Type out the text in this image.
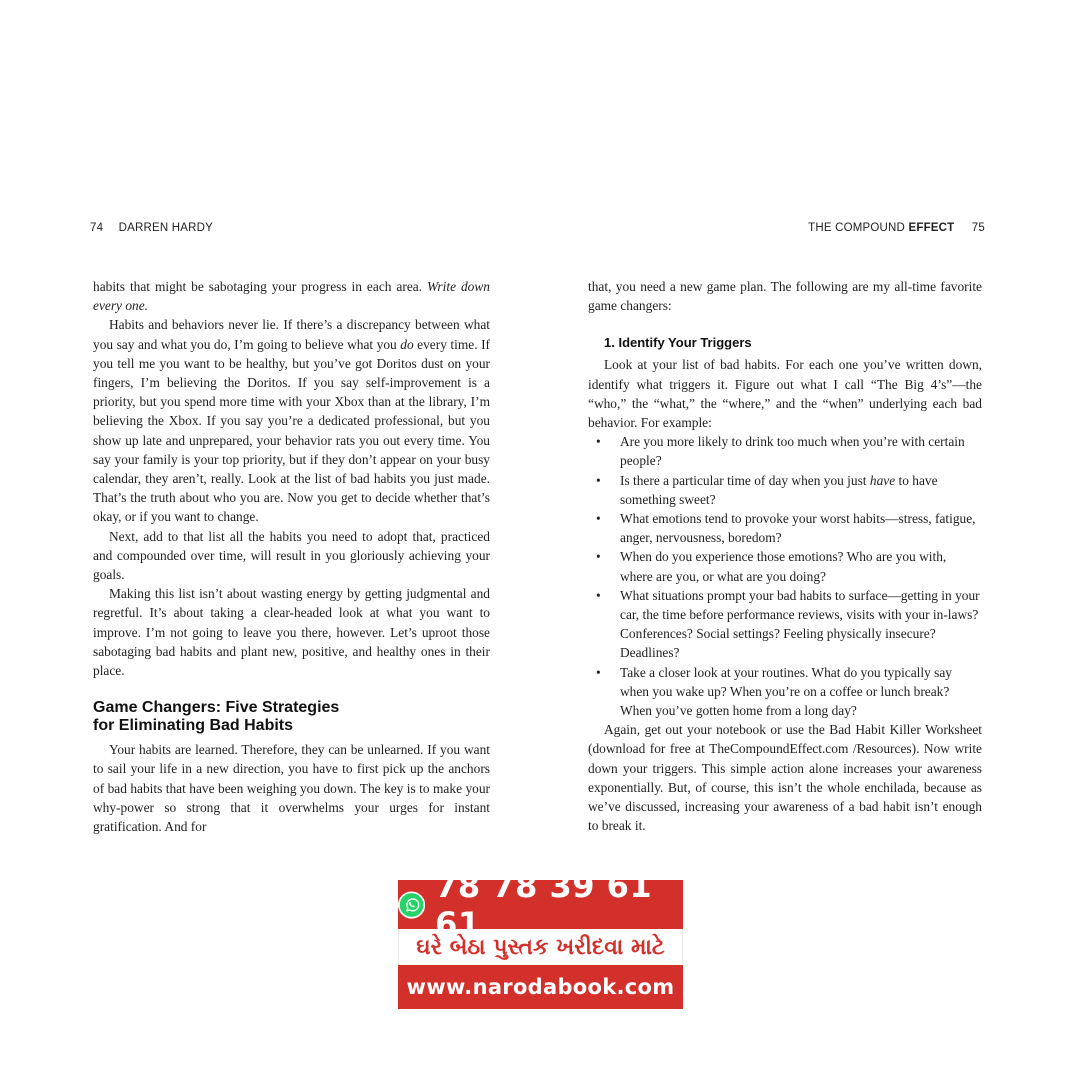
74 DARREN HARDY	THE COMPOUND EFFECT 75

habits that might be sabotaging your progress in each area. Write down every one.

Habits and behaviors never lie. If there’s a discrepancy between what you say and what you do, I’m going to believe what you do every time. If you tell me you want to be healthy, but you’ve got Doritos dust on your fingers, I’m believing the Doritos. If you say self-improvement is a priority, but you spend more time with your Xbox than at the library, I’m believing the Xbox. If you say you’re a dedicated professional, but you show up late and unprepared, your behavior rats you out every time. You say your family is your top priority, but if they don’t appear on your busy calendar, they aren’t, really. Look at the list of bad habits you just made. That’s the truth about who you are. Now you get to decide whether that’s okay, or if you want to change.

Next, add to that list all the habits you need to adopt that, practiced and compounded over time, will result in you gloriously achieving your goals.

Making this list isn’t about wasting energy by getting judgmental and regretful. It’s about taking a clear-headed look at what you want to improve. I’m not going to leave you there, however. Let’s uproot those sabotaging bad habits and plant new, positive, and healthy ones in their place.

Game Changers: Five Strategies
for Eliminating Bad Habits

Your habits are learned. Therefore, they can be unlearned. If you want to sail your life in a new direction, you have to first pick up the anchors of bad habits that have been weighing you down. The key is to make your why-power so strong that it overwhelms your urges for instant gratification. And for

that, you need a new game plan. The following are my all-time favorite game changers:

1. Identify Your Triggers

Look at your list of bad habits. For each one you’ve written down, identify what triggers it. Figure out what I call “The Big 4’s”—the “who,” the “what,” the “where,” and the “when” underlying each bad behavior. For example:

• Are you more likely to drink too much when you’re with certain people?
• Is there a particular time of day when you just have to have something sweet?
• What emotions tend to provoke your worst habits—stress, fatigue, anger, nervousness, boredom?
• When do you experience those emotions? Who are you with, where are you, or what are you doing?
• What situations prompt your bad habits to surface—getting in your car, the time before performance reviews, visits with your in-laws? Conferences? Social settings? Feeling physically insecure? Deadlines?
• Take a closer look at your routines. What do you typically say when you wake up? When you’re on a coffee or lunch break? When you’ve gotten home from a long day?

Again, get out your notebook or use the Bad Habit Killer Worksheet (download for free at TheCompoundEffect.com /Resources). Now write down your triggers. This simple action alone increases your awareness exponentially. But, of course, this isn’t the whole enchilada, because as we’ve discussed, increasing your awareness of a bad habit isn’t enough to break it.

78 78 39 61 61
ઘરે બેઠા પુસ્તક ખરીદવા માટે
www.narodabook.com
